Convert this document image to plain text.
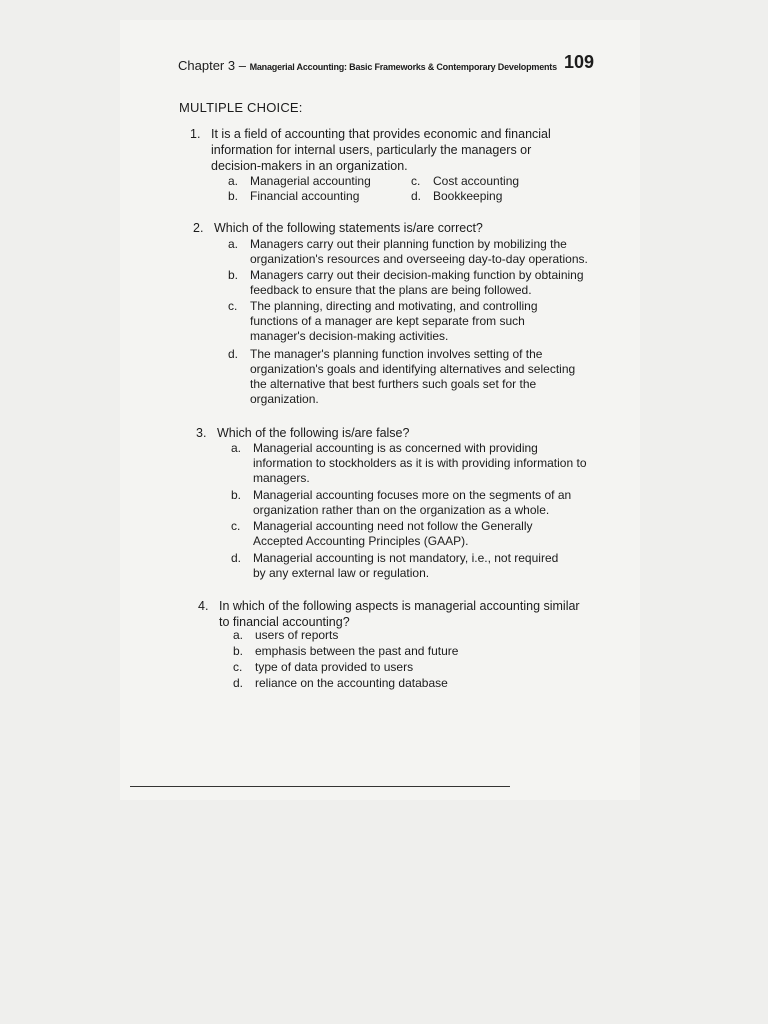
Chapter 3 – Managerial Accounting: Basic Frameworks & Contemporary Developments 109
MULTIPLE CHOICE:
1. It is a field of accounting that provides economic and financial
information for internal users, particularly the managers or
decision-makers in an organization.
a. Managerial accounting
b. Financial accounting
c. Cost accounting
d. Bookkeeping
2. Which of the following statements is/are correct?
a. Managers carry out their planning function by mobilizing the
organization's resources and overseeing day-to-day operations.
b. Managers carry out their decision-making function by obtaining
feedback to ensure that the plans are being followed.
c. The planning, directing and motivating, and controlling
functions of a manager are kept separate from such
manager's decision-making activities.
d. The manager's planning function involves setting of the
organization's goals and identifying alternatives and selecting
the alternative that best furthers such goals set for the
organization.
3. Which of the following is/are false?
a. Managerial accounting is as concerned with providing
information to stockholders as it is with providing information to
managers.
b. Managerial accounting focuses more on the segments of an
organization rather than on the organization as a whole.
c. Managerial accounting need not follow the Generally
Accepted Accounting Principles (GAAP).
d. Managerial accounting is not mandatory, i.e., not required
by any external law or regulation.
4. In which of the following aspects is managerial accounting similar
to financial accounting?
a. users of reports
b. emphasis between the past and future
c. type of data provided to users
d. reliance on the accounting database
